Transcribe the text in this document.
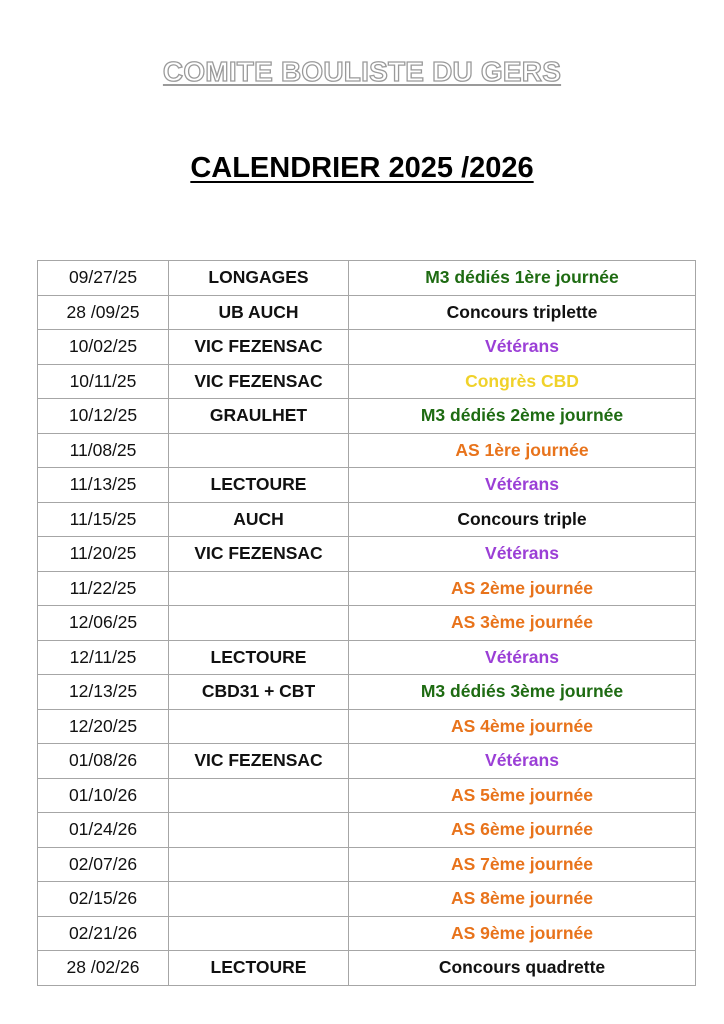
COMITE BOULISTE DU GERS
CALENDRIER 2025 /2026
09/27/25	LONGAGES	M3 dédiés 1ère journée
28 /09/25	UB AUCH	Concours triplette
10/02/25	VIC FEZENSAC	Vétérans
10/11/25	VIC FEZENSAC	Congrès CBD
10/12/25	GRAULHET	M3 dédiés 2ème journée
11/08/25		AS 1ère journée
11/13/25	LECTOURE	Vétérans
11/15/25	AUCH	Concours triple
11/20/25	VIC FEZENSAC	Vétérans
11/22/25		AS 2ème journée
12/06/25		AS 3ème journée
12/11/25	LECTOURE	Vétérans
12/13/25	CBD31 + CBT	M3 dédiés 3ème journée
12/20/25		AS 4ème journée
01/08/26	VIC FEZENSAC	Vétérans
01/10/26		AS 5ème journée
01/24/26		AS 6ème journée
02/07/26		AS 7ème journée
02/15/26		AS 8ème journée
02/21/26		AS 9ème journée
28 /02/26	LECTOURE	Concours quadrette
